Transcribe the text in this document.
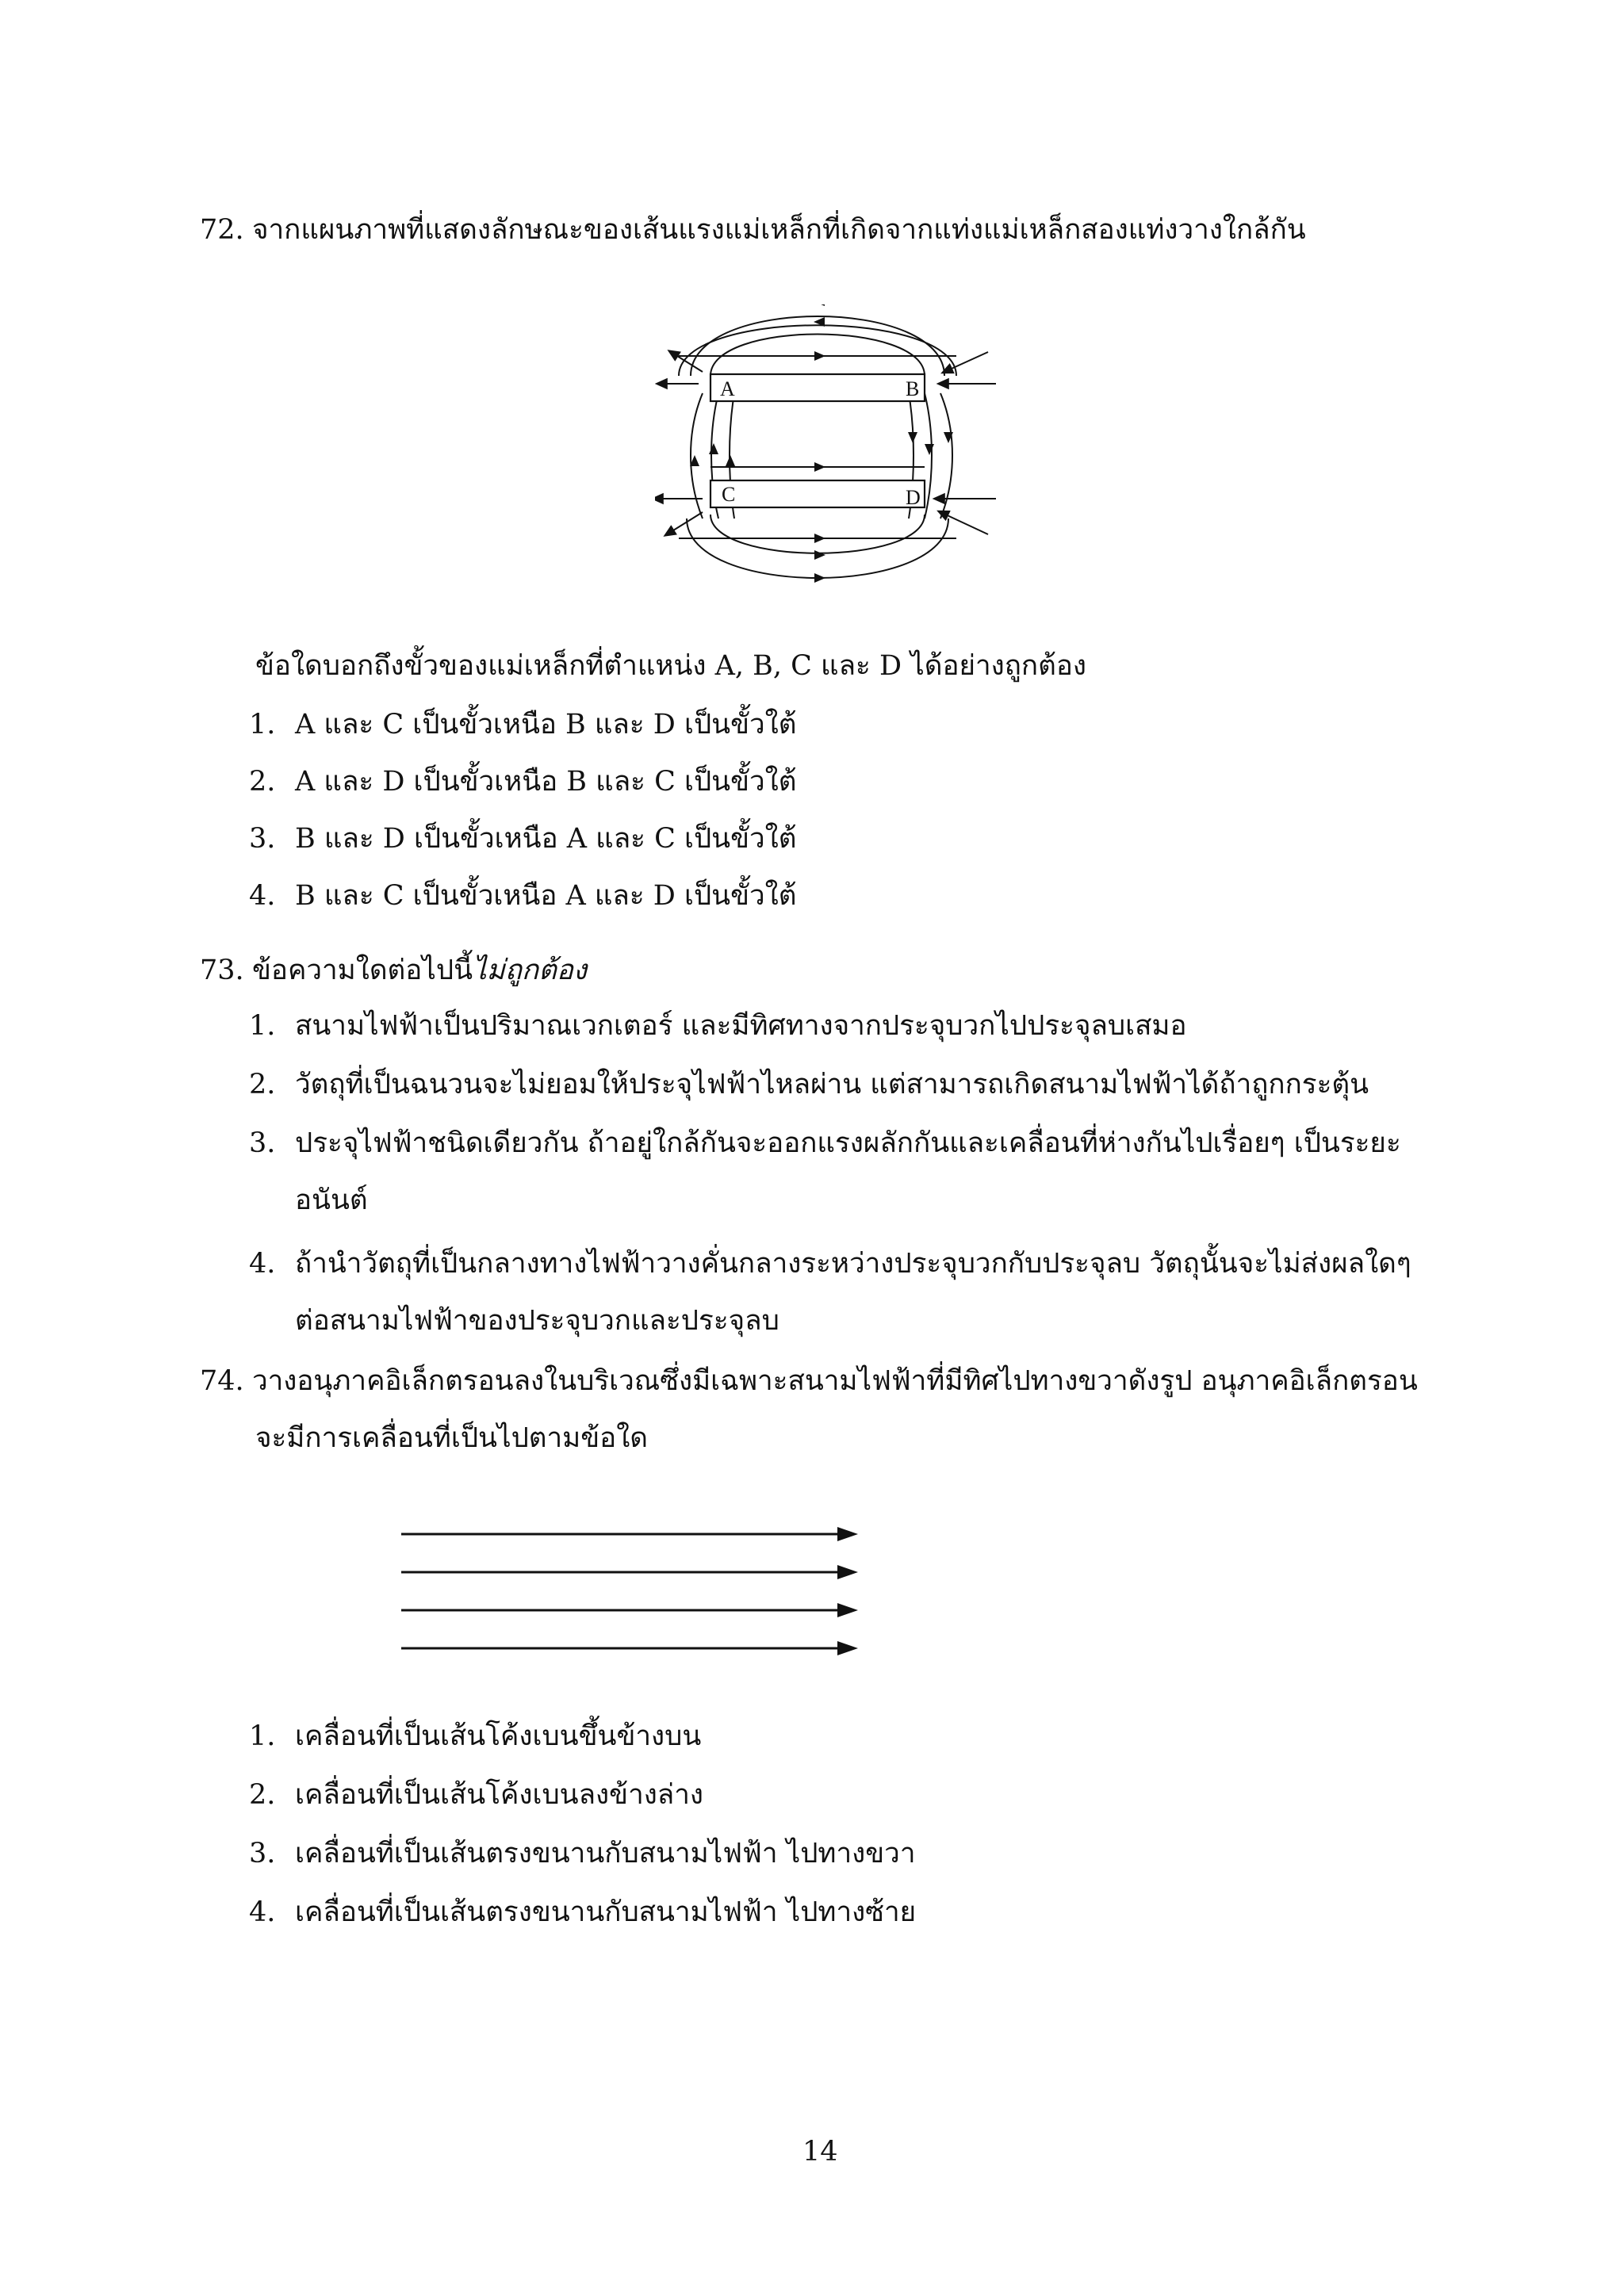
72. จากแผนภาพที่แสดงลักษณะของเส้นแรงแม่เหล็กที่เกิดจากแท่งแม่เหล็กสองแท่งวางใกล้กัน
A	B
C	D
ข้อใดบอกถึงขั้วของแม่เหล็กที่ตำแหน่ง A, B, C และ D ได้อย่างถูกต้อง
1. A และ C เป็นขั้วเหนือ B และ D เป็นขั้วใต้
2. A และ D เป็นขั้วเหนือ B และ C เป็นขั้วใต้
3. B และ D เป็นขั้วเหนือ A และ C เป็นขั้วใต้
4. B และ C เป็นขั้วเหนือ A และ D เป็นขั้วใต้
73. ข้อความใดต่อไปนี้ไม่ถูกต้อง
1. สนามไฟฟ้าเป็นปริมาณเวกเตอร์ และมีทิศทางจากประจุบวกไปประจุลบเสมอ
2. วัตถุที่เป็นฉนวนจะไม่ยอมให้ประจุไฟฟ้าไหลผ่าน แต่สามารถเกิดสนามไฟฟ้าได้ถ้าถูกกระตุ้น
3. ประจุไฟฟ้าชนิดเดียวกัน ถ้าอยู่ใกล้กันจะออกแรงผลักกันและเคลื่อนที่ห่างกันไปเรื่อยๆ เป็นระยะ
อนันต์
4. ถ้านำวัตถุที่เป็นกลางทางไฟฟ้าวางคั่นกลางระหว่างประจุบวกกับประจุลบ วัตถุนั้นจะไม่ส่งผลใดๆ
ต่อสนามไฟฟ้าของประจุบวกและประจุลบ
74. วางอนุภาคอิเล็กตรอนลงในบริเวณซึ่งมีเฉพาะสนามไฟฟ้าที่มีทิศไปทางขวาดังรูป อนุภาคอิเล็กตรอน
จะมีการเคลื่อนที่เป็นไปตามข้อใด
1. เคลื่อนที่เป็นเส้นโค้งเบนขึ้นข้างบน
2. เคลื่อนที่เป็นเส้นโค้งเบนลงข้างล่าง
3. เคลื่อนที่เป็นเส้นตรงขนานกับสนามไฟฟ้า ไปทางขวา
4. เคลื่อนที่เป็นเส้นตรงขนานกับสนามไฟฟ้า ไปทางซ้าย
14
